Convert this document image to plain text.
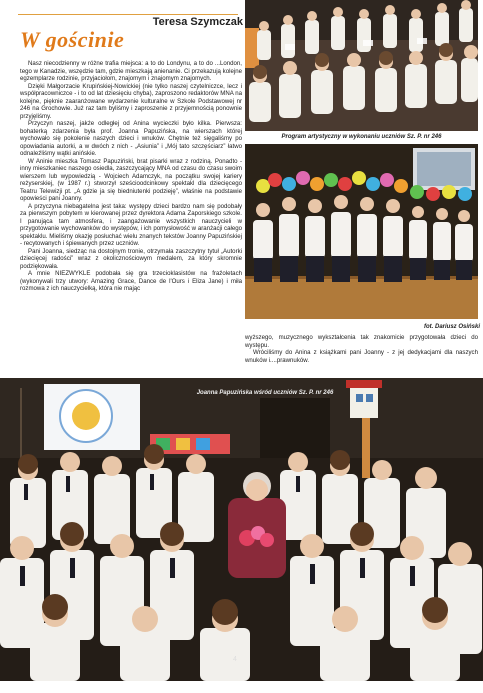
Teresa Szymczak
W gościnie

Nasz niecodzienny w różne trafia miejsca: a to do Londynu, a to do ...London, tego w Kanadzie, wszędzie tam, gdzie mieszkają anienanie. Ci przekazują kolejne egzemplarze rodzinie, przyjaciołom, znajomym i znajomym znajomych.

Dzięki Małgorzacie Krupińskiej-Nowickiej (nie tylko naszej czytelniczce, lecz i współpracowniczce - i to od lat dziesięciu chyba), zaproszono redaktorów MNA na kolejne, pięknie zaaranżowane wydarzenie kulturalne w Szkole Podstawowej nr 246 na Grochowie. Już raz tam byliśmy i zaproszenie z przyjemnością ponownie przyjęliśmy.

Przyczyn naszej, jakże odległej od Anina wycieczki było kilka. Pierwsza: bohaterką zdarzenia była prof. Joanna Papuzińska, na wierszach której wychowało się pokolenie naszych dzieci i wnuków. Chętnie też sięgaliśmy po opowiadania autorki, a w dwóch z nich - „Asiunia” i „Mój tato szczęściarz” łatwo odnaleźliśmy wątki anińskie.

W Aninie mieszka Tomasz Papuziński, brat pisarki wraz z rodziną. Ponadto - inny mieszkaniec naszego osiedla, zaszczycający MNA od czasu do czasu swoim wierszem lub wypowiedzią - Wojciech Adamczyk, na początku swojej kariery reżyserskiej, (w 1987 r.) stworzył sześcioodcinkowy spektakl dla dziecięcego Teatru Telewizji pt. „A gdzie ja się biedniutenki podzieję”, właśnie na podstawie opowieści pani Joanny.

A przyczyna niebagatelna jest taka: występy dzieci bardzo nam się podobały za pierwszym pobytem w kierowanej przez dyrektora Adama Zaporskiego szkole. I panująca tam atmosfera, i zaangażowanie wszystkich nauczycieli w przygotowanie wychowanków do występów, i ich pomysłowość w aranżacji całego spektaklu. Mieliśmy okazję posłuchać wielu znanych tekstów Joanny Papuzińskiej - recytowanych i śpiewanych przez uczniów.

Pani Joanna, siedząc na dostojnym tronie, otrzymała zaszczytny tytuł „Autorki dziecięcej radości” wraz z okolicznościowym medalem, za który skromnie podziękowała.

A mnie NIEZWYKLE podobała się gra trzecioklasistów na fraźoletach (wykonywali trzy utwory: Amazing Grace, Dance de l'Ours i Eliza Jane) i miła rozmowa z ich nauczycielką, która nie mając

Program artystyczny w wykonaniu uczniów Sz. P. nr 246
fot. Dariusz Osiński

wyższego, muzycznego wykształcenia tak znakomicie przygotowała dzieci do występu.

Wróciliśmy do Anina z książkami pani Joanny - z jej dedykacjami dla naszych wnuków i....prawnuków.

Joanna Papuzińska wśród uczniów Sz. P. nr 246
4
